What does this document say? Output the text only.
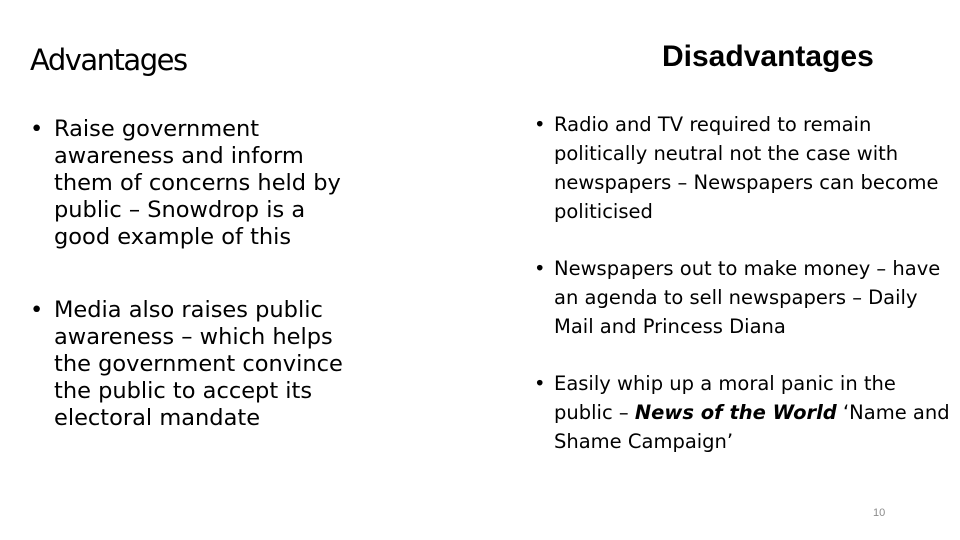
Advantages
• Raise government awareness and inform them of concerns held by public – Snowdrop is a good example of this
• Media also raises public awareness – which helps the government convince the public to accept its electoral mandate
Disadvantages
• Radio and TV required to remain politically neutral not the case with newspapers – Newspapers can become politicised
• Newspapers out to make money – have an agenda to sell newspapers – Daily Mail and Princess Diana
• Easily whip up a moral panic in the public – News of the World ‘Name and Shame Campaign’
10
